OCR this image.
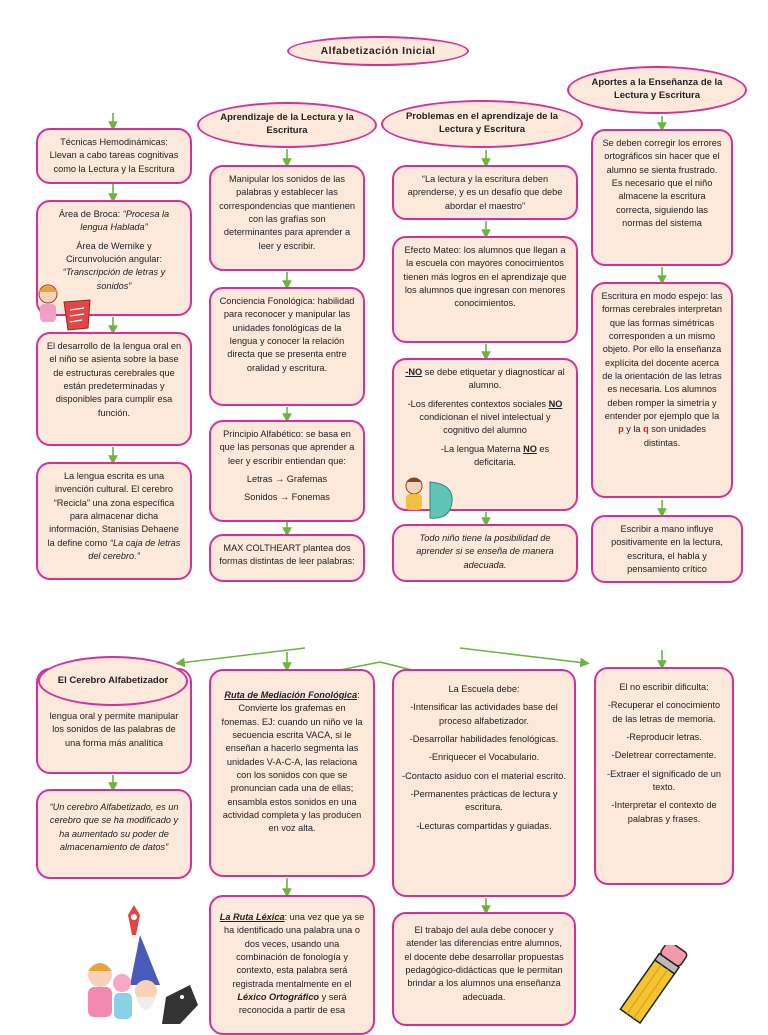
Alfabetización Inicial
Aprendizaje de la Lectura y la Escritura
Problemas en el aprendizaje de la Lectura y Escritura
Aportes a la Enseñanza de la Lectura y Escritura
Técnicas Hemodinámicas: Llevan a cabo tareas cognitivas como la Lectura y la Escritura

Área de Broca: “Procesa la lengua Hablada”

Área de Wernike y Circunvolución angular: “Transcripción de letras y sonidos”

El desarrollo de la lengua oral en el niño se asienta sobre la base de estructuras cerebrales que están predeterminadas y disponibles para cumplir esa función.
La lengua escrita es una invención cultural. El cerebro “Recicla” una zona específica para almacenar dicha información, Stanisias Dehaene la define como “La caja de letras del cerebro.”
Manipular los sonidos de las palabras y establecer las correspondencias que mantienen con las grafías son determinantes para aprender a leer y escribir.
Conciencia Fonológica: habilidad para reconocer y manipular las unidades fonológicas de la lengua y conocer la relación directa que se presenta entre oralidad y escritura.

Principio Alfabético: se basa en que las personas que aprender a leer y escribir entiendan que:

Letras → Grafemas

Sonidos → Fonemas

MAX COLTHEART plantea dos formas distintas de leer palabras:
“La lectura y la escritura deben aprenderse, y es un desafío que debe abordar el maestro”
Efecto Mateo: los alumnos que llegan a la escuela con mayores conocimientos tienen más logros en el aprendizaje que los alumnos que ingresan con menores conocimientos.

-NO se debe etiquetar y diagnosticar al alumno.

-Los diferentes contextos sociales NO condicionan el nivel intelectual y cognitivo del alumno

-La lengua Materna NO es deficitaria.

Todo niño tiene la posibilidad de aprender si se enseña de manera adecuada.
Se deben corregir los errores ortográficos sin hacer que el alumno se sienta frustrado. Es necesario que el niño almacene la escritura correcta, siguiendo las normas del sistema
Escritura en modo espejo: las formas cerebrales interpretan que las formas simétricas corresponden a un mismo objeto. Por ello la enseñanza explícita del docente acerca de la orientación de las letras es necesaria. Los alumnos deben romper la simetría y entender por ejemplo que la p y la q son unidades distintas.
Escribir a mano influye positivamente en la lectura, escritura, el habla y pensamiento crítico
lengua oral y permite manipular los sonidos de las palabras de una forma más analítica
El Cerebro Alfabetizador
“Un cerebro Alfabetizado, es un cerebro que se ha modificado y ha aumentado su poder de almacenamiento de datos”
Ruta de Mediación Fonológica: Convierte los grafemas en fonemas. EJ: cuando un niño ve la secuencia escrita VACA, si le enseñan a hacerlo segmenta las unidades V-A-C-A, las relaciona con los sonidos con que se pronuncian cada una de ellas; ensambla estos sonidos en una actividad completa y las producen en voz alta.
La Ruta Léxica: una vez que ya se ha identificado una palabra una o dos veces, usando una combinación de fonología y contexto, esta palabra será registrada mentalmente en el Léxico Ortográfico y será reconocida a partir de esa

La Escuela debe:

-Intensificar las actividades base del proceso alfabetizador.

-Desarrollar habilidades fenológicas.

-Enriquecer el Vocabulario.

-Contacto asiduo con el material escrito.

-Permanentes prácticas de lectura y escritura.

-Lecturas compartidas y guiadas.

El trabajo del aula debe conocer y atender las diferencias entre alumnos, el docente debe desarrollar propuestas pedagógico-didácticas que le permitan brindar a los alumnos una enseñanza adecuada.

El no escribir dificulta:

-Recuperar el conocimiento de las letras de memoria.

-Reproducir letras.

-Deletrear correctamente.

-Extraer el significado de un texto.

-Interpretar el contexto de palabras y frases.
